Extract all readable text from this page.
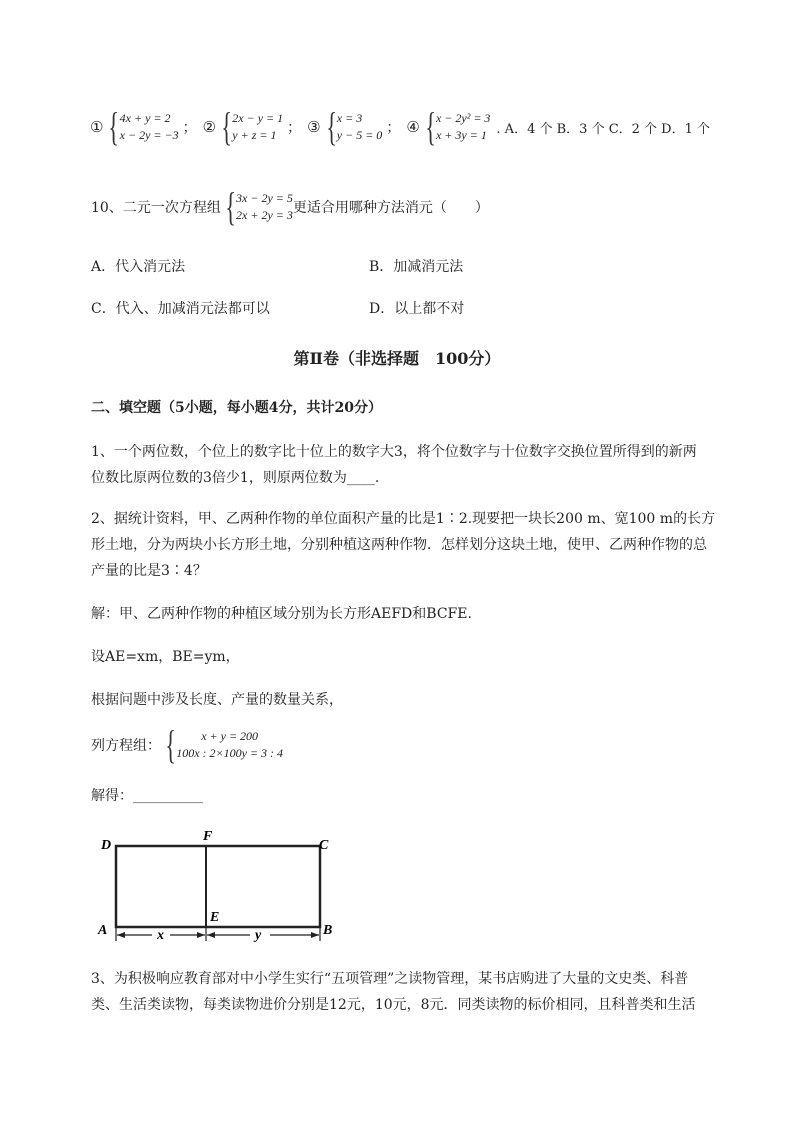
① { 4x + y = 2
x − 2y = −3 ； ② { 2x − y = 1
y + z = 1 ； ③ { x = 3
y − 5 = 0 ； ④ { x − 2y² = 3
x + 3y = 1 . A．4 个 B．3 个 C．2 个 D．1 个
10、二元一次方程组 { 3x − 2y = 5
2x + 2y = 3 更适合用哪种方法消元（　　）
A．代入消元法	B．加减消元法
C．代入、加减消元法都可以	D．以上都不对
第Ⅱ卷（非选择题　100分）
二、填空题（5小题，每小题4分，共计20分）
1、一个两位数，个位上的数字比十位上的数字大3，将个位数字与十位数字交换位置所得到的新两
位数比原两位数的3倍少1，则原两位数为____.
2、据统计资料，甲、乙两种作物的单位面积产量的比是1∶2.现要把一块长200 m、宽100 m的长方
形土地，分为两块小长方形土地，分别种植这两种作物．怎样划分这块土地，使甲、乙两种作物的总
产量的比是3∶4？
解：甲、乙两种作物的种植区域分别为长方形AEFD和BCFE.
设AE=xm，BE=ym，
根据问题中涉及长度、产量的数量关系，
列方程组： { x + y = 200
100x : 2×100y = 3 : 4
解得：__________
D
F
C
A
E
B
x	y
3、为积极响应教育部对中小学生实行“五项管理”之读物管理，某书店购进了大量的文史类、科普
类、生活类读物，每类读物进价分别是12元，10元，8元．同类读物的标价相同，且科普类和生活
